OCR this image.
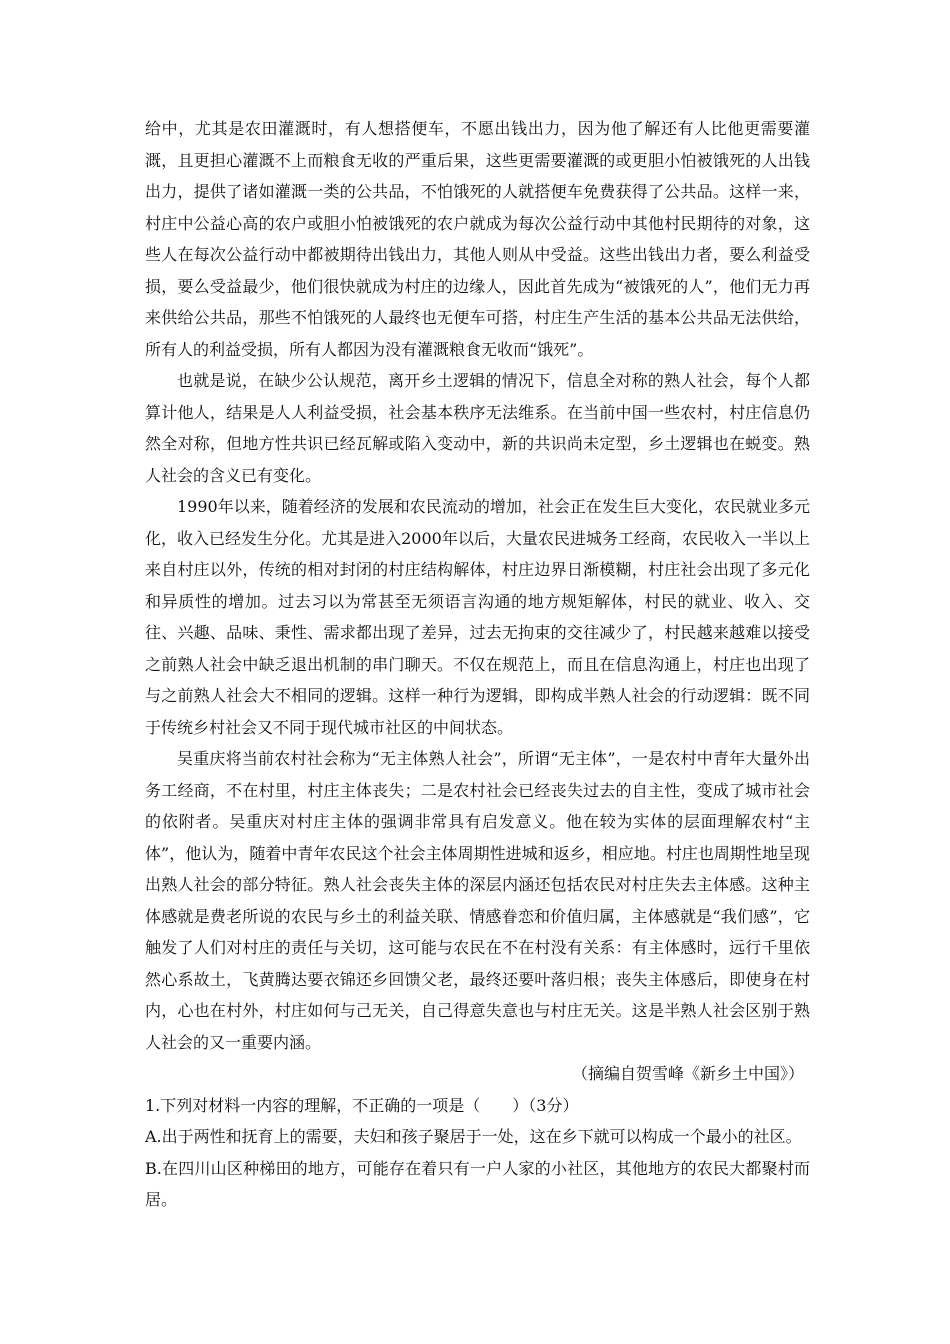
给中，尤其是农田灌溉时，有人想搭便车，不愿出钱出力，因为他了解还有人比他更需要灌溉，且更担心灌溉不上而粮食无收的严重后果，这些更需要灌溉的或更胆小怕被饿死的人出钱出力，提供了诸如灌溉一类的公共品，不怕饿死的人就搭便车免费获得了公共品。这样一来，村庄中公益心高的农户或胆小怕被饿死的农户就成为每次公益行动中其他村民期待的对象，这些人在每次公益行动中都被期待出钱出力，其他人则从中受益。这些出钱出力者，要么利益受损，要么受益最少，他们很快就成为村庄的边缘人，因此首先成为“被饿死的人”，他们无力再来供给公共品，那些不怕饿死的人最终也无便车可搭，村庄生产生活的基本公共品无法供给，所有人的利益受损，所有人都因为没有灌溉粮食无收而“饿死”。

也就是说，在缺少公认规范，离开乡土逻辑的情况下，信息全对称的熟人社会，每个人都算计他人，结果是人人利益受损，社会基本秩序无法维系。在当前中国一些农村，村庄信息仍然全对称，但地方性共识已经瓦解或陷入变动中，新的共识尚未定型，乡土逻辑也在蜕变。熟人社会的含义已有变化。

1990年以来，随着经济的发展和农民流动的增加，社会正在发生巨大变化，农民就业多元化，收入已经发生分化。尤其是进入2000年以后，大量农民进城务工经商，农民收入一半以上来自村庄以外，传统的相对封闭的村庄结构解体，村庄边界日渐模糊，村庄社会出现了多元化和异质性的增加。过去习以为常甚至无须语言沟通的地方规矩解体，村民的就业、收入、交往、兴趣、品味、秉性、需求都出现了差异，过去无拘束的交往减少了，村民越来越难以接受之前熟人社会中缺乏退出机制的串门聊天。不仅在规范上，而且在信息沟通上，村庄也出现了与之前熟人社会大不相同的逻辑。这样一种行为逻辑，即构成半熟人社会的行动逻辑：既不同于传统乡村社会又不同于现代城市社区的中间状态。

吴重庆将当前农村社会称为“无主体熟人社会”，所谓“无主体”，一是农村中青年大量外出务工经商，不在村里，村庄主体丧失；二是农村社会已经丧失过去的自主性，变成了城市社会的依附者。吴重庆对村庄主体的强调非常具有启发意义。他在较为实体的层面理解农村“主体”，他认为，随着中青年农民这个社会主体周期性进城和返乡，相应地。村庄也周期性地呈现出熟人社会的部分特征。熟人社会丧失主体的深层内涵还包括农民对村庄失去主体感。这种主体感就是费老所说的农民与乡土的利益关联、情感眷恋和价值归属，主体感就是“我们感”，它触发了人们对村庄的责任与关切，这可能与农民在不在村没有关系：有主体感时，远行千里依然心系故土，飞黄腾达要衣锦还乡回馈父老，最终还要叶落归根；丧失主体感后，即使身在村内，心也在村外，村庄如何与己无关，自己得意失意也与村庄无关。这是半熟人社会区别于熟人社会的又一重要内涵。

（摘编自贺雪峰《新乡土中国》）

1.下列对材料一内容的理解，不正确的一项是（　　）（3分）

A.出于两性和抚育上的需要，夫妇和孩子聚居于一处，这在乡下就可以构成一个最小的社区。

B.在四川山区种梯田的地方，可能存在着只有一户人家的小社区，其他地方的农民大都聚村而居。
